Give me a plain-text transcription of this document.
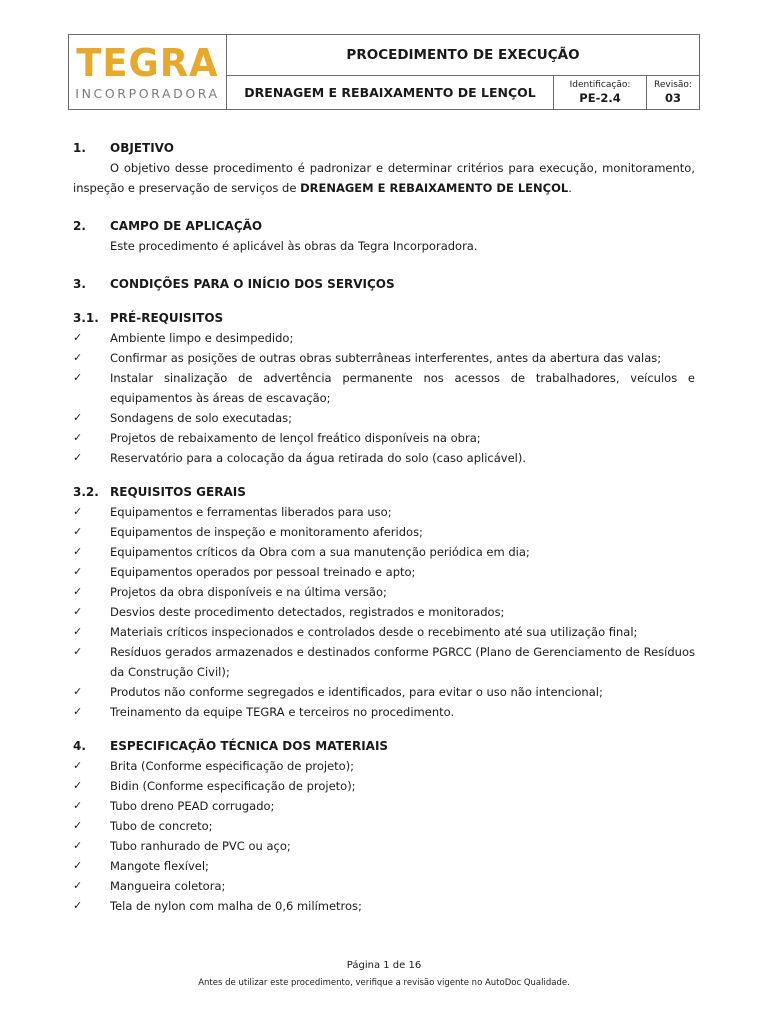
TEGRA
INCORPORADORA
PROCEDIMENTO DE EXECUÇÃO
DRENAGEM E REBAIXAMENTO DE LENÇOL	Identificação:
PE-2.4
Revisão:
03
1.	OBJETIVO
O objetivo desse procedimento é padronizar e determinar critérios para execução, monitoramento, inspeção e preservação de serviços de DRENAGEM E REBAIXAMENTO DE LENÇOL.
2.	CAMPO DE APLICAÇÃO
Este procedimento é aplicável às obras da Tegra Incorporadora.
3.	CONDIÇÕES PARA O INÍCIO DOS SERVIÇOS
3.1. PRÉ-REQUISITOS
✓	Ambiente limpo e desimpedido;
✓	Confirmar as posições de outras obras subterrâneas interferentes, antes da abertura das valas;
✓	Instalar sinalização de advertência permanente nos acessos de trabalhadores, veículos e equipamentos às áreas de escavação;
✓	Sondagens de solo executadas;
✓	Projetos de rebaixamento de lençol freático disponíveis na obra;
✓	Reservatório para a colocação da água retirada do solo (caso aplicável).
3.2. REQUISITOS GERAIS
✓	Equipamentos e ferramentas liberados para uso;
✓	Equipamentos de inspeção e monitoramento aferidos;
✓	Equipamentos críticos da Obra com a sua manutenção periódica em dia;
✓	Equipamentos operados por pessoal treinado e apto;
✓	Projetos da obra disponíveis e na última versão;
✓	Desvios deste procedimento detectados, registrados e monitorados;
✓	Materiais críticos inspecionados e controlados desde o recebimento até sua utilização final;
✓	Resíduos gerados armazenados e destinados conforme PGRCC (Plano de Gerenciamento de Resíduos da Construção Civil);
✓	Produtos não conforme segregados e identificados, para evitar o uso não intencional;
✓	Treinamento da equipe TEGRA e terceiros no procedimento.
4.	ESPECIFICAÇÃO TÉCNICA DOS MATERIAIS
✓	Brita (Conforme especificação de projeto);
✓	Bidin (Conforme especificação de projeto);
✓	Tubo dreno PEAD corrugado;
✓	Tubo de concreto;
✓	Tubo ranhurado de PVC ou aço;
✓	Mangote flexível;
✓	Mangueira coletora;
✓	Tela de nylon com malha de 0,6 milímetros;
Página 1 de 16
Antes de utilizar este procedimento, verifique a revisão vigente no AutoDoc Qualidade.
